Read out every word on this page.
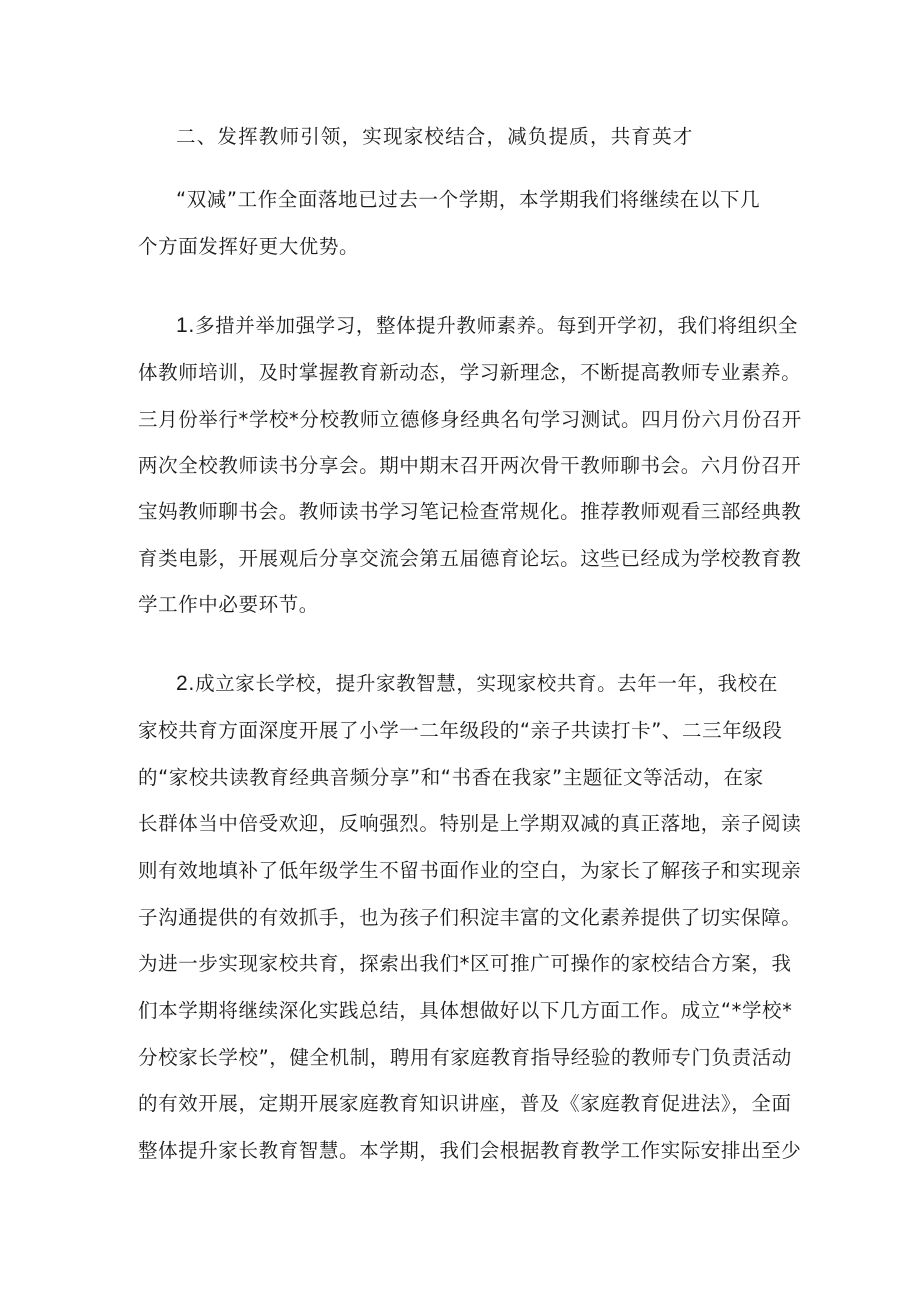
二、发挥教师引领，实现家校结合，减负提质，共育英才
“双减”工作全面落地已过去一个学期，本学期我们将继续在以下几
个方面发挥好更大优势。
1.多措并举加强学习，整体提升教师素养。每到开学初，我们将组织全
体教师培训，及时掌握教育新动态，学习新理念，不断提高教师专业素养。
三月份举行*学校*分校教师立德修身经典名句学习测试。四月份六月份召开
两次全校教师读书分享会。期中期末召开两次骨干教师聊书会。六月份召开
宝妈教师聊书会。教师读书学习笔记检查常规化。推荐教师观看三部经典教
育类电影，开展观后分享交流会第五届德育论坛。这些已经成为学校教育教
学工作中必要环节。
2.成立家长学校，提升家教智慧，实现家校共育。去年一年，我校在
家校共育方面深度开展了小学一二年级段的“亲子共读打卡”、二三年级段
的“家校共读教育经典音频分享”和“书香在我家”主题征文等活动，在家
长群体当中倍受欢迎，反响强烈。特别是上学期双减的真正落地，亲子阅读
则有效地填补了低年级学生不留书面作业的空白，为家长了解孩子和实现亲
子沟通提供的有效抓手，也为孩子们积淀丰富的文化素养提供了切实保障。
为进一步实现家校共育，探索出我们*区可推广可操作的家校结合方案，我
们本学期将继续深化实践总结，具体想做好以下几方面工作。成立“*学校*
分校家长学校”，健全机制，聘用有家庭教育指导经验的教师专门负责活动
的有效开展，定期开展家庭教育知识讲座，普及《家庭教育促进法》，全面
整体提升家长教育智慧。本学期，我们会根据教育教学工作实际安排出至少
